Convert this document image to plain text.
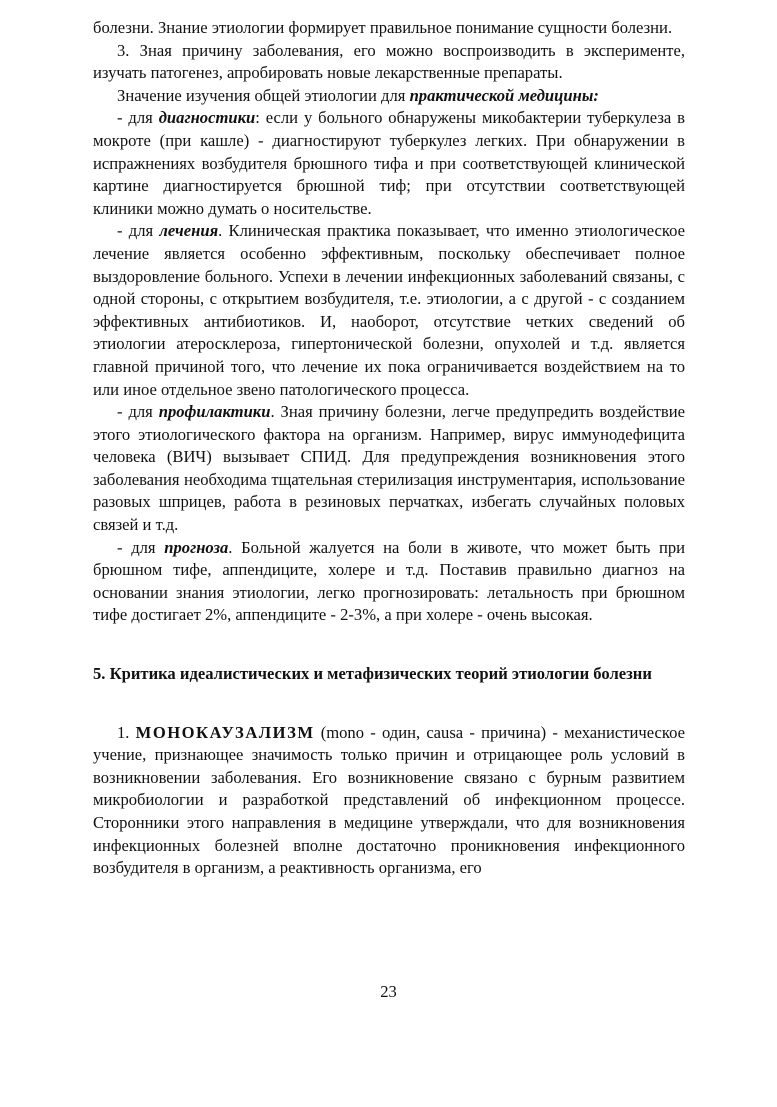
болезни. Знание этиологии формирует правильное понимание сущности болезни.

3. Зная причину заболевания, его можно воспроизводить в эксперименте, изучать патогенез, апробировать новые лекарственные препараты.

Значение изучения общей этиологии для практической медицины:

- для диагностики: если у больного обнаружены микобактерии туберкулеза в мокроте (при кашле) - диагностируют туберкулез легких. При обнаружении в испражнениях возбудителя брюшного тифа и при соответствующей клинической картине диагностируется брюшной тиф; при отсутствии соответствующей клиники можно думать о носительстве.

- для лечения. Клиническая практика показывает, что именно этиологическое лечение является особенно эффективным, поскольку обеспечивает полное выздоровление больного. Успехи в лечении инфекционных заболеваний связаны, с одной стороны, с открытием возбудителя, т.е. этиологии, а с другой - с созданием эффективных антибиотиков. И, наоборот, отсутствие четких сведений об этиологии атеросклероза, гипертонической болезни, опухолей и т.д. является главной причиной того, что лечение их пока ограничивается воздействием на то или иное отдельное звено патологического процесса.

- для профилактики. Зная причину болезни, легче предупредить воздействие этого этиологического фактора на организм. Например, вирус иммунодефицита человека (ВИЧ) вызывает СПИД. Для предупреждения возникновения этого заболевания необходима тщательная стерилизация инструментария, использование разовых шприцев, работа в резиновых перчатках, избегать случайных половых связей и т.д.

- для прогноза. Больной жалуется на боли в животе, что может быть при брюшном тифе, аппендиците, холере и т.д. Поставив правильно диагноз на основании знания этиологии, легко прогнозировать: летальность при брюшном тифе достигает 2%, аппендиците - 2-3%, а при холере - очень высокая.

5. Критика идеалистических и метафизических теорий этиологии болезни

1. МОНОКАУЗАЛИЗМ (mono - один, causa - причина) - механистическое учение, признающее значимость только причин и отрицающее роль условий в возникновении заболевания. Его возникновение связано с бурным развитием микробиологии и разработкой представлений об инфекционном процессе. Сторонники этого направления в медицине утверждали, что для возникновения инфекционных болезней вполне достаточно проникновения инфекционного возбудителя в организм, а реактивность организма, его

23
